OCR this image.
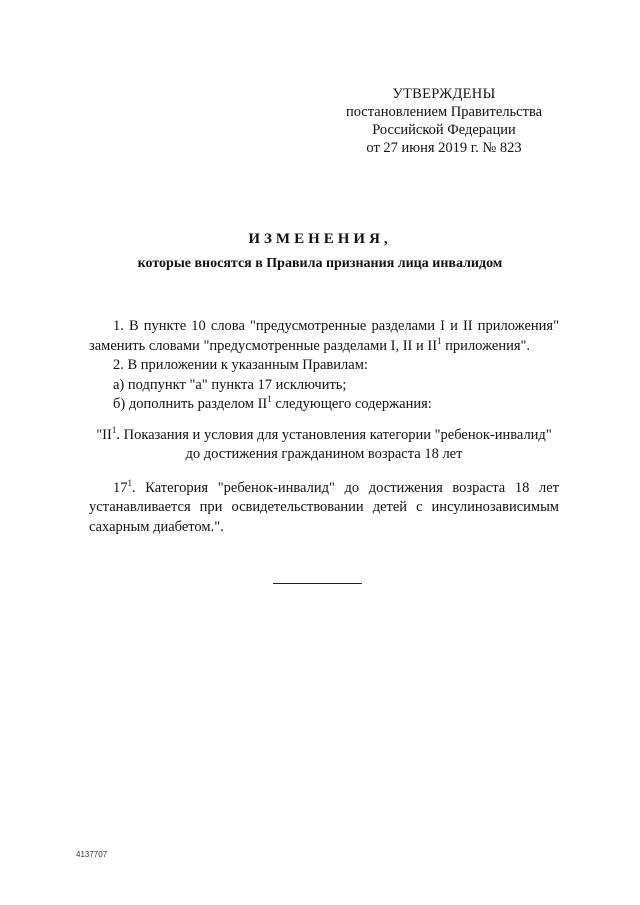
УТВЕРЖДЕНЫ
постановлением Правительства
Российской Федерации
от 27 июня 2019 г. № 823
ИЗМЕНЕНИЯ,
которые вносятся в Правила признания лица инвалидом

1. В пункте 10 слова "предусмотренные разделами I и II приложения"

заменить словами "предусмотренные разделами I, II и $II^1$ приложения".

2. В приложении к указанным Правилам:

а) подпункт "а" пункта 17 исключить;

б) дополнить разделом $II^1$ следующего содержания:

"$II^1$. Показания и условия для установления категории "ребенок-инвалид"
до достижения гражданином возраста 18 лет

$17^1$. Категория "ребенок-инвалид" до достижения возраста 18 лет устанавливается при освидетельствовании детей с инсулинозависимым сахарным диабетом.".

4137707
